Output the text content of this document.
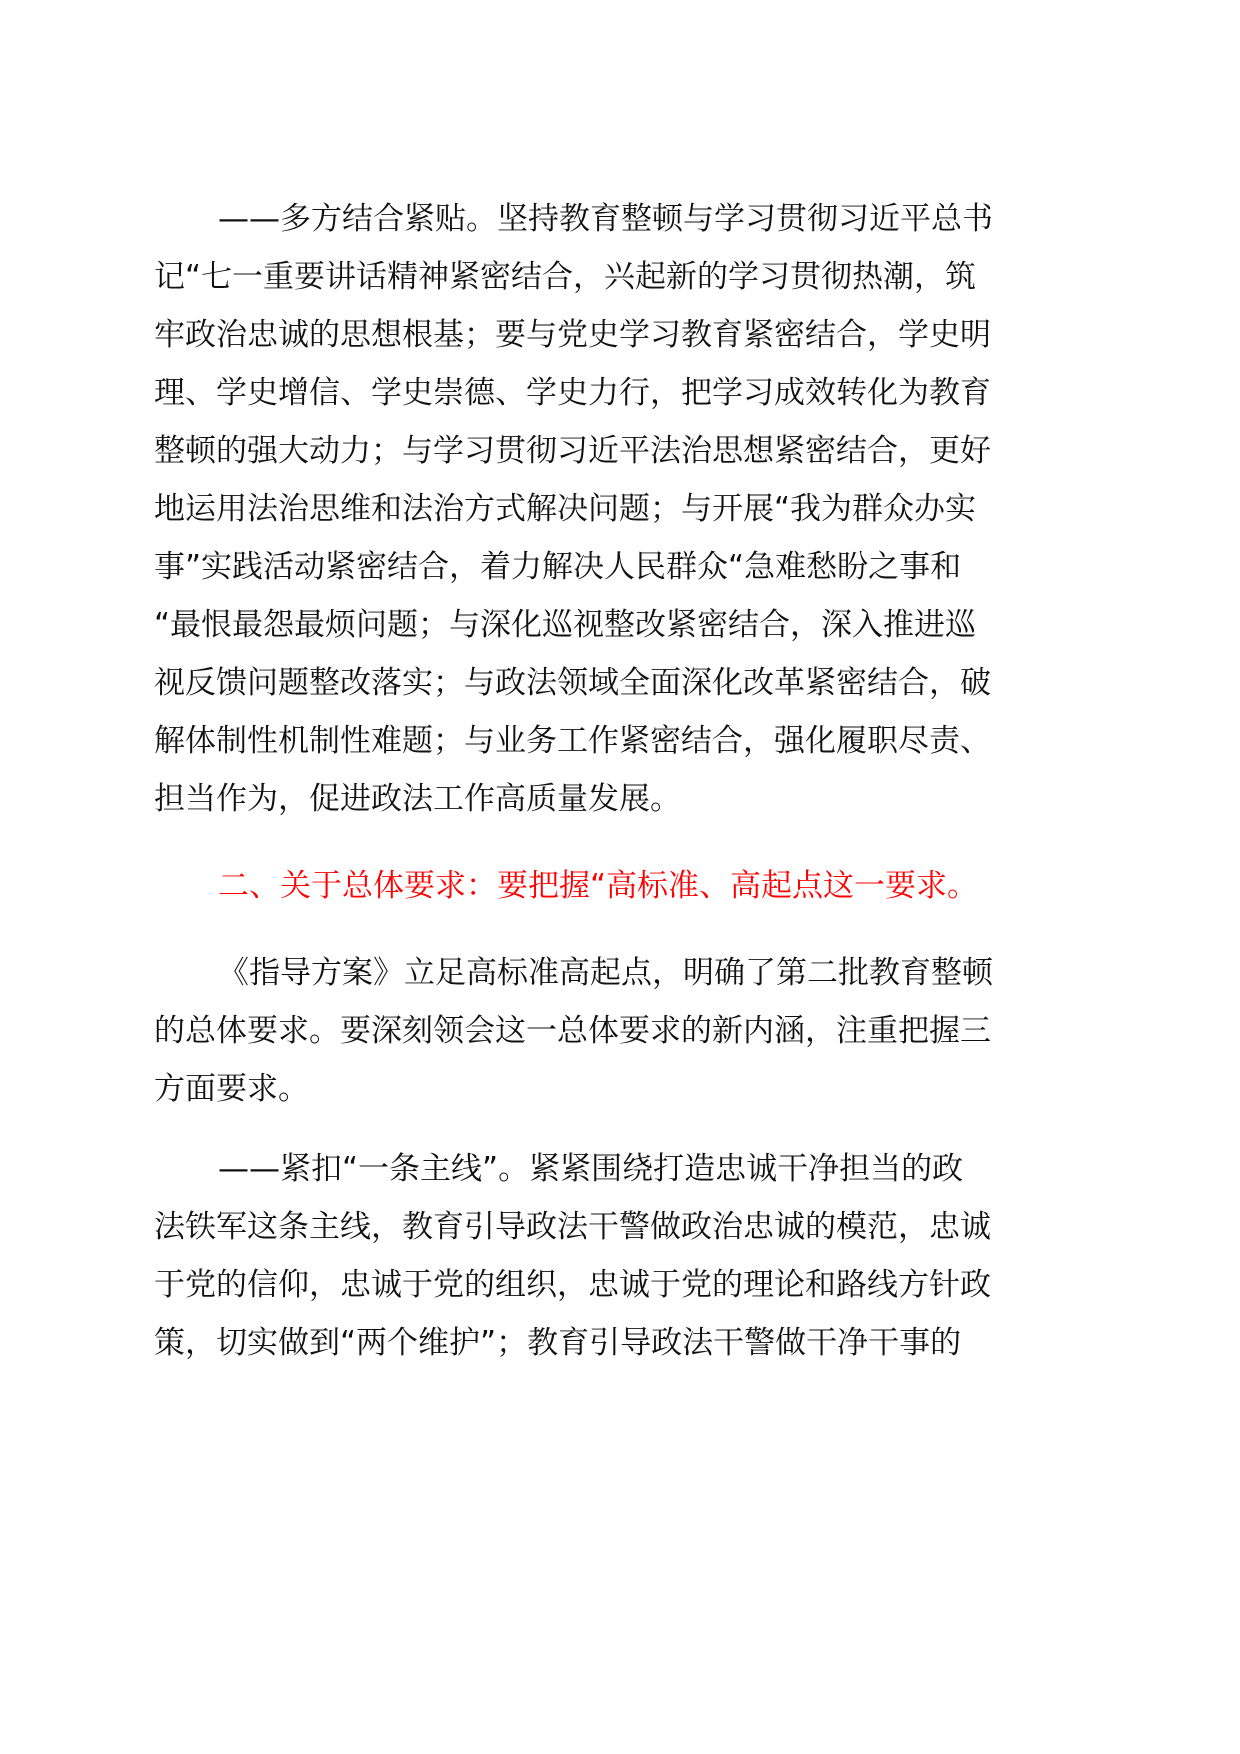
——多方结合紧贴。坚持教育整顿与学习贯彻习近平总书
记“七一重要讲话精神紧密结合，兴起新的学习贯彻热潮，筑
牢政治忠诚的思想根基；要与党史学习教育紧密结合，学史明
理、学史增信、学史崇德、学史力行，把学习成效转化为教育
整顿的强大动力；与学习贯彻习近平法治思想紧密结合，更好
地运用法治思维和法治方式解决问题；与开展“我为群众办实
事”实践活动紧密结合，着力解决人民群众“急难愁盼之事和
“最恨最怨最烦问题；与深化巡视整改紧密结合，深入推进巡
视反馈问题整改落实；与政法领域全面深化改革紧密结合，破
解体制性机制性难题；与业务工作紧密结合，强化履职尽责、
担当作为，促进政法工作高质量发展。
二、关于总体要求：要把握“高标准、高起点这一要求。
《指导方案》立足高标准高起点，明确了第二批教育整顿
的总体要求。要深刻领会这一总体要求的新内涵，注重把握三
方面要求。
——紧扣“一条主线”。紧紧围绕打造忠诚干净担当的政
法铁军这条主线，教育引导政法干警做政治忠诚的模范，忠诚
于党的信仰，忠诚于党的组织，忠诚于党的理论和路线方针政
策，切实做到“两个维护”；教育引导政法干警做干净干事的
